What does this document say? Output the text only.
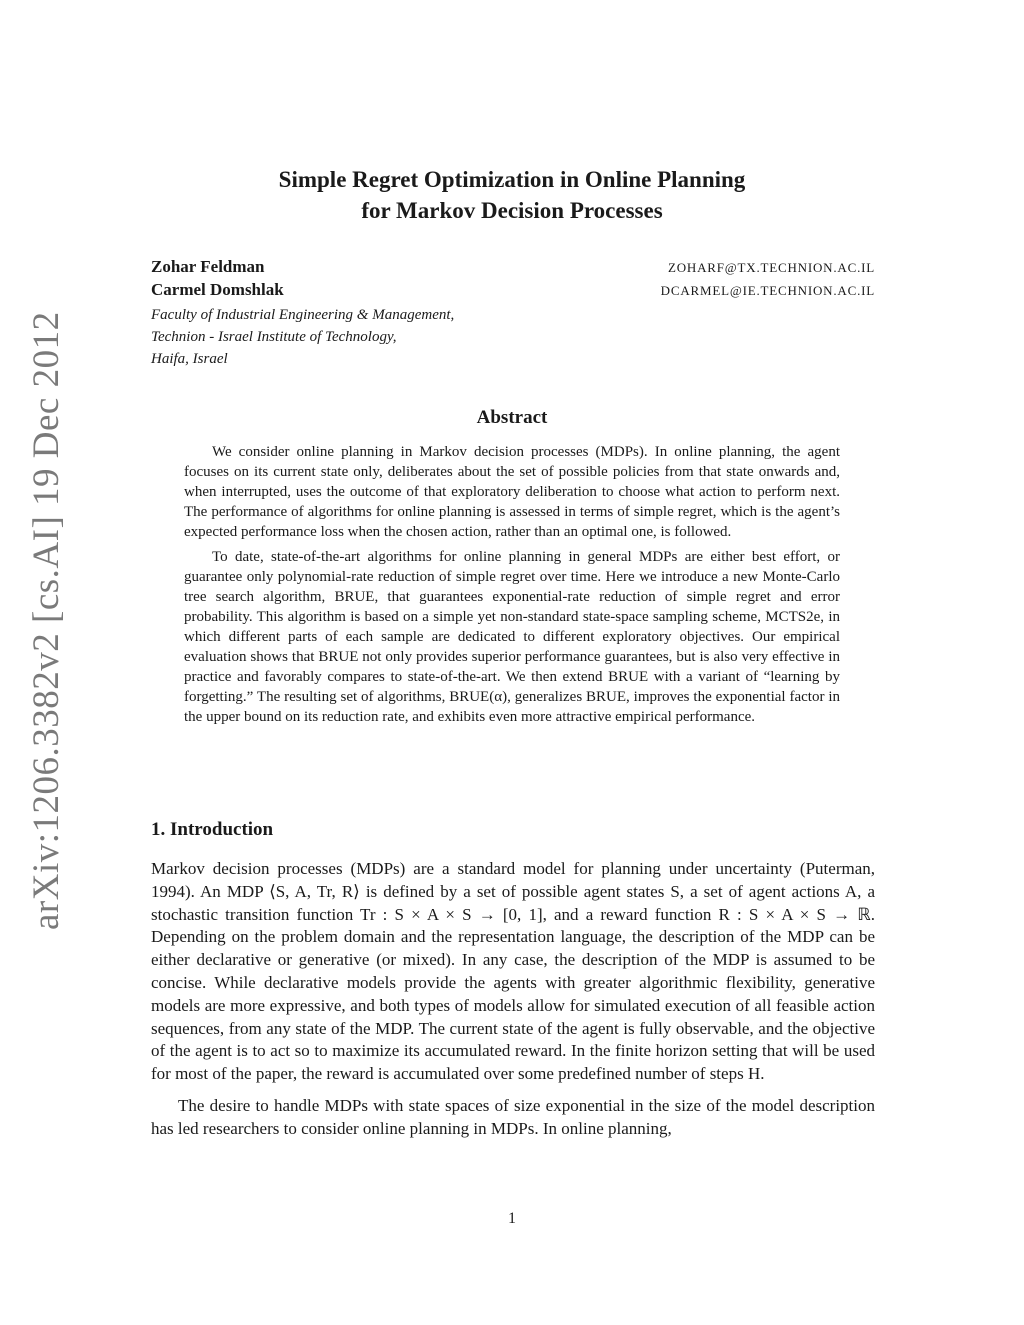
arXiv:1206.3382v2 [cs.AI] 19 Dec 2012
Simple Regret Optimization in Online Planning
for Markov Decision Processes
Zohar Feldman	ZOHARF@TX.TECHNION.AC.IL
Carmel Domshlak	DCARMEL@IE.TECHNION.AC.IL
Faculty of Industrial Engineering & Management,
Technion - Israel Institute of Technology,
Haifa, Israel
Abstract

We consider online planning in Markov decision processes (MDPs). In online planning, the agent focuses on its current state only, deliberates about the set of possible policies from that state onwards and, when interrupted, uses the outcome of that exploratory deliberation to choose what action to perform next. The performance of algorithms for online planning is assessed in terms of simple regret, which is the agent’s expected performance loss when the chosen action, rather than an optimal one, is followed.

To date, state-of-the-art algorithms for online planning in general MDPs are either best effort, or guarantee only polynomial-rate reduction of simple regret over time. Here we introduce a new Monte-Carlo tree search algorithm, BRUE, that guarantees exponential-rate reduction of simple regret and error probability. This algorithm is based on a simple yet non-standard state-space sampling scheme, MCTS2e, in which different parts of each sample are dedicated to different exploratory objectives. Our empirical evaluation shows that BRUE not only provides superior performance guarantees, but is also very effective in practice and favorably compares to state-of-the-art. We then extend BRUE with a variant of “learning by forgetting.” The resulting set of algorithms, BRUE(α), generalizes BRUE, improves the exponential factor in the upper bound on its reduction rate, and exhibits even more attractive empirical performance.

1. Introduction

Markov decision processes (MDPs) are a standard model for planning under uncertainty (Puterman, 1994). An MDP ⟨S, A, Tr, R⟩ is defined by a set of possible agent states S, a set of agent actions A, a stochastic transition function Tr : S × A × S → [0, 1], and a reward function R : S × A × S → ℝ. Depending on the problem domain and the representation language, the description of the MDP can be either declarative or generative (or mixed). In any case, the description of the MDP is assumed to be concise. While declarative models provide the agents with greater algorithmic flexibility, generative models are more expressive, and both types of models allow for simulated execution of all feasible action sequences, from any state of the MDP. The current state of the agent is fully observable, and the objective of the agent is to act so to maximize its accumulated reward. In the finite horizon setting that will be used for most of the paper, the reward is accumulated over some predefined number of steps H.

The desire to handle MDPs with state spaces of size exponential in the size of the model description has led researchers to consider online planning in MDPs. In online planning,

1
